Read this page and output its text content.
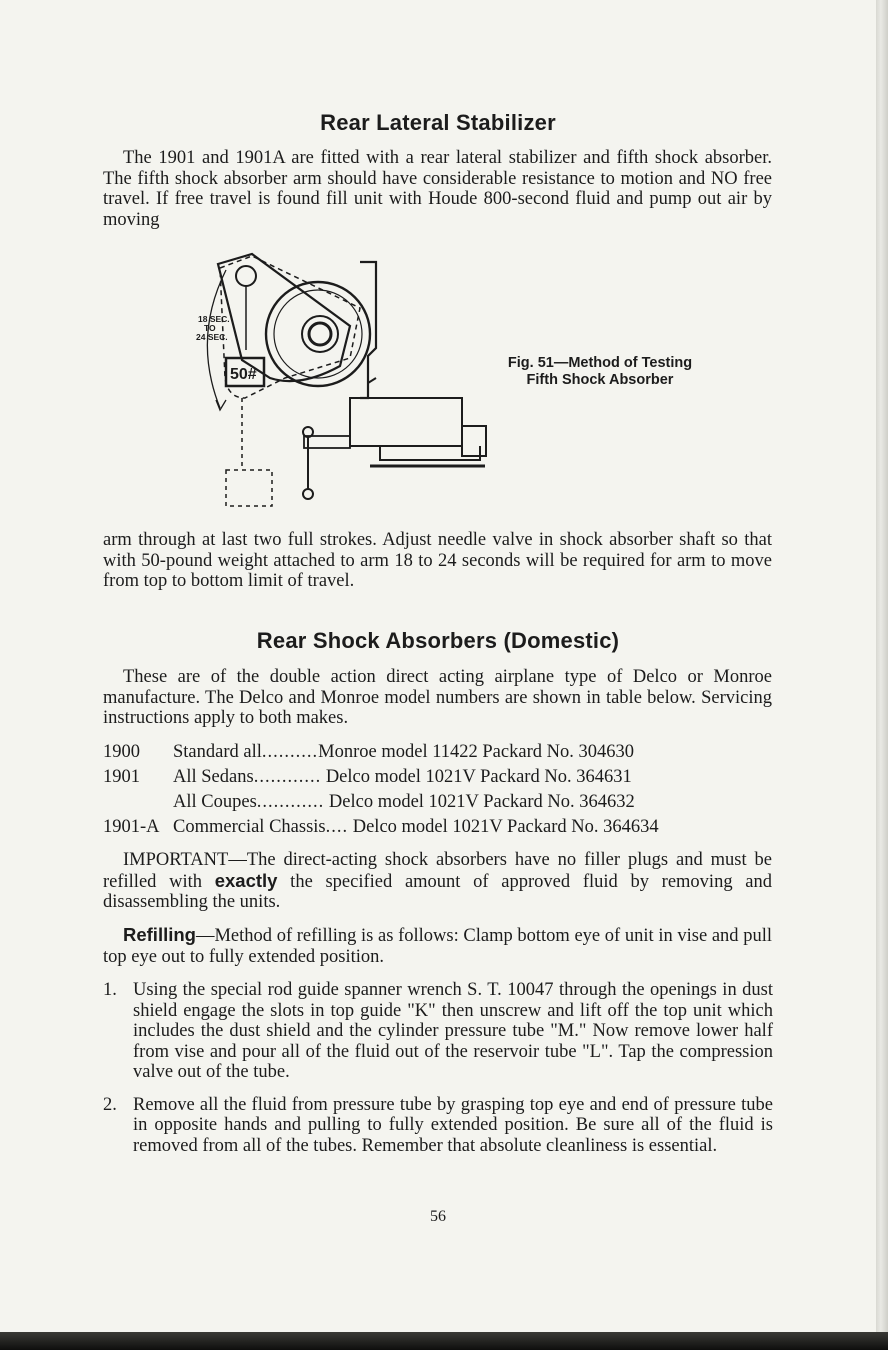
Rear Lateral Stabilizer

The 1901 and 1901A are fitted with a rear lateral stabilizer and fifth shock absorber. The fifth shock absorber arm should have considerable resistance to motion and NO free travel. If free travel is found fill unit with Houde 800-second fluid and pump out air by moving

18 SEC.
TO
24 SEC.
50#

Fig. 51—Method of Testing Fifth Shock Absorber

arm through at last two full strokes. Adjust needle valve in shock absorber shaft so that with 50-pound weight attached to arm 18 to 24 seconds will be required for arm to move from top to bottom limit of travel.

Rear Shock Absorbers (Domestic)

These are of the double action direct acting airplane type of Delco or Monroe manufacture. The Delco and Monroe model numbers are shown in table below. Servicing instructions apply to both makes.

1900	Standard all..........Monroe model 11422 Packard No. 304630
1901	All Sedans............ Delco model 1021V Packard No. 364631
	All Coupes............ Delco model 1021V Packard No. 364632
1901-A	Commercial Chassis.... Delco model 1021V Packard No. 364634

IMPORTANT—The direct-acting shock absorbers have no filler plugs and must be refilled with exactly the specified amount of approved fluid by removing and disassembling the units.

Refilling—Method of refilling is as follows: Clamp bottom eye of unit in vise and pull top eye out to fully extended position.

1. Using the special rod guide spanner wrench S. T. 10047 through the openings in dust shield engage the slots in top guide "K" then unscrew and lift off the top unit which includes the dust shield and the cylinder pressure tube "M." Now remove lower half from vise and pour all of the fluid out of the reservoir tube "L". Tap the compression valve out of the tube.

2. Remove all the fluid from pressure tube by grasping top eye and end of pressure tube in opposite hands and pulling to fully extended position. Be sure all of the fluid is removed from all of the tubes. Remember that absolute cleanliness is essential.

56
